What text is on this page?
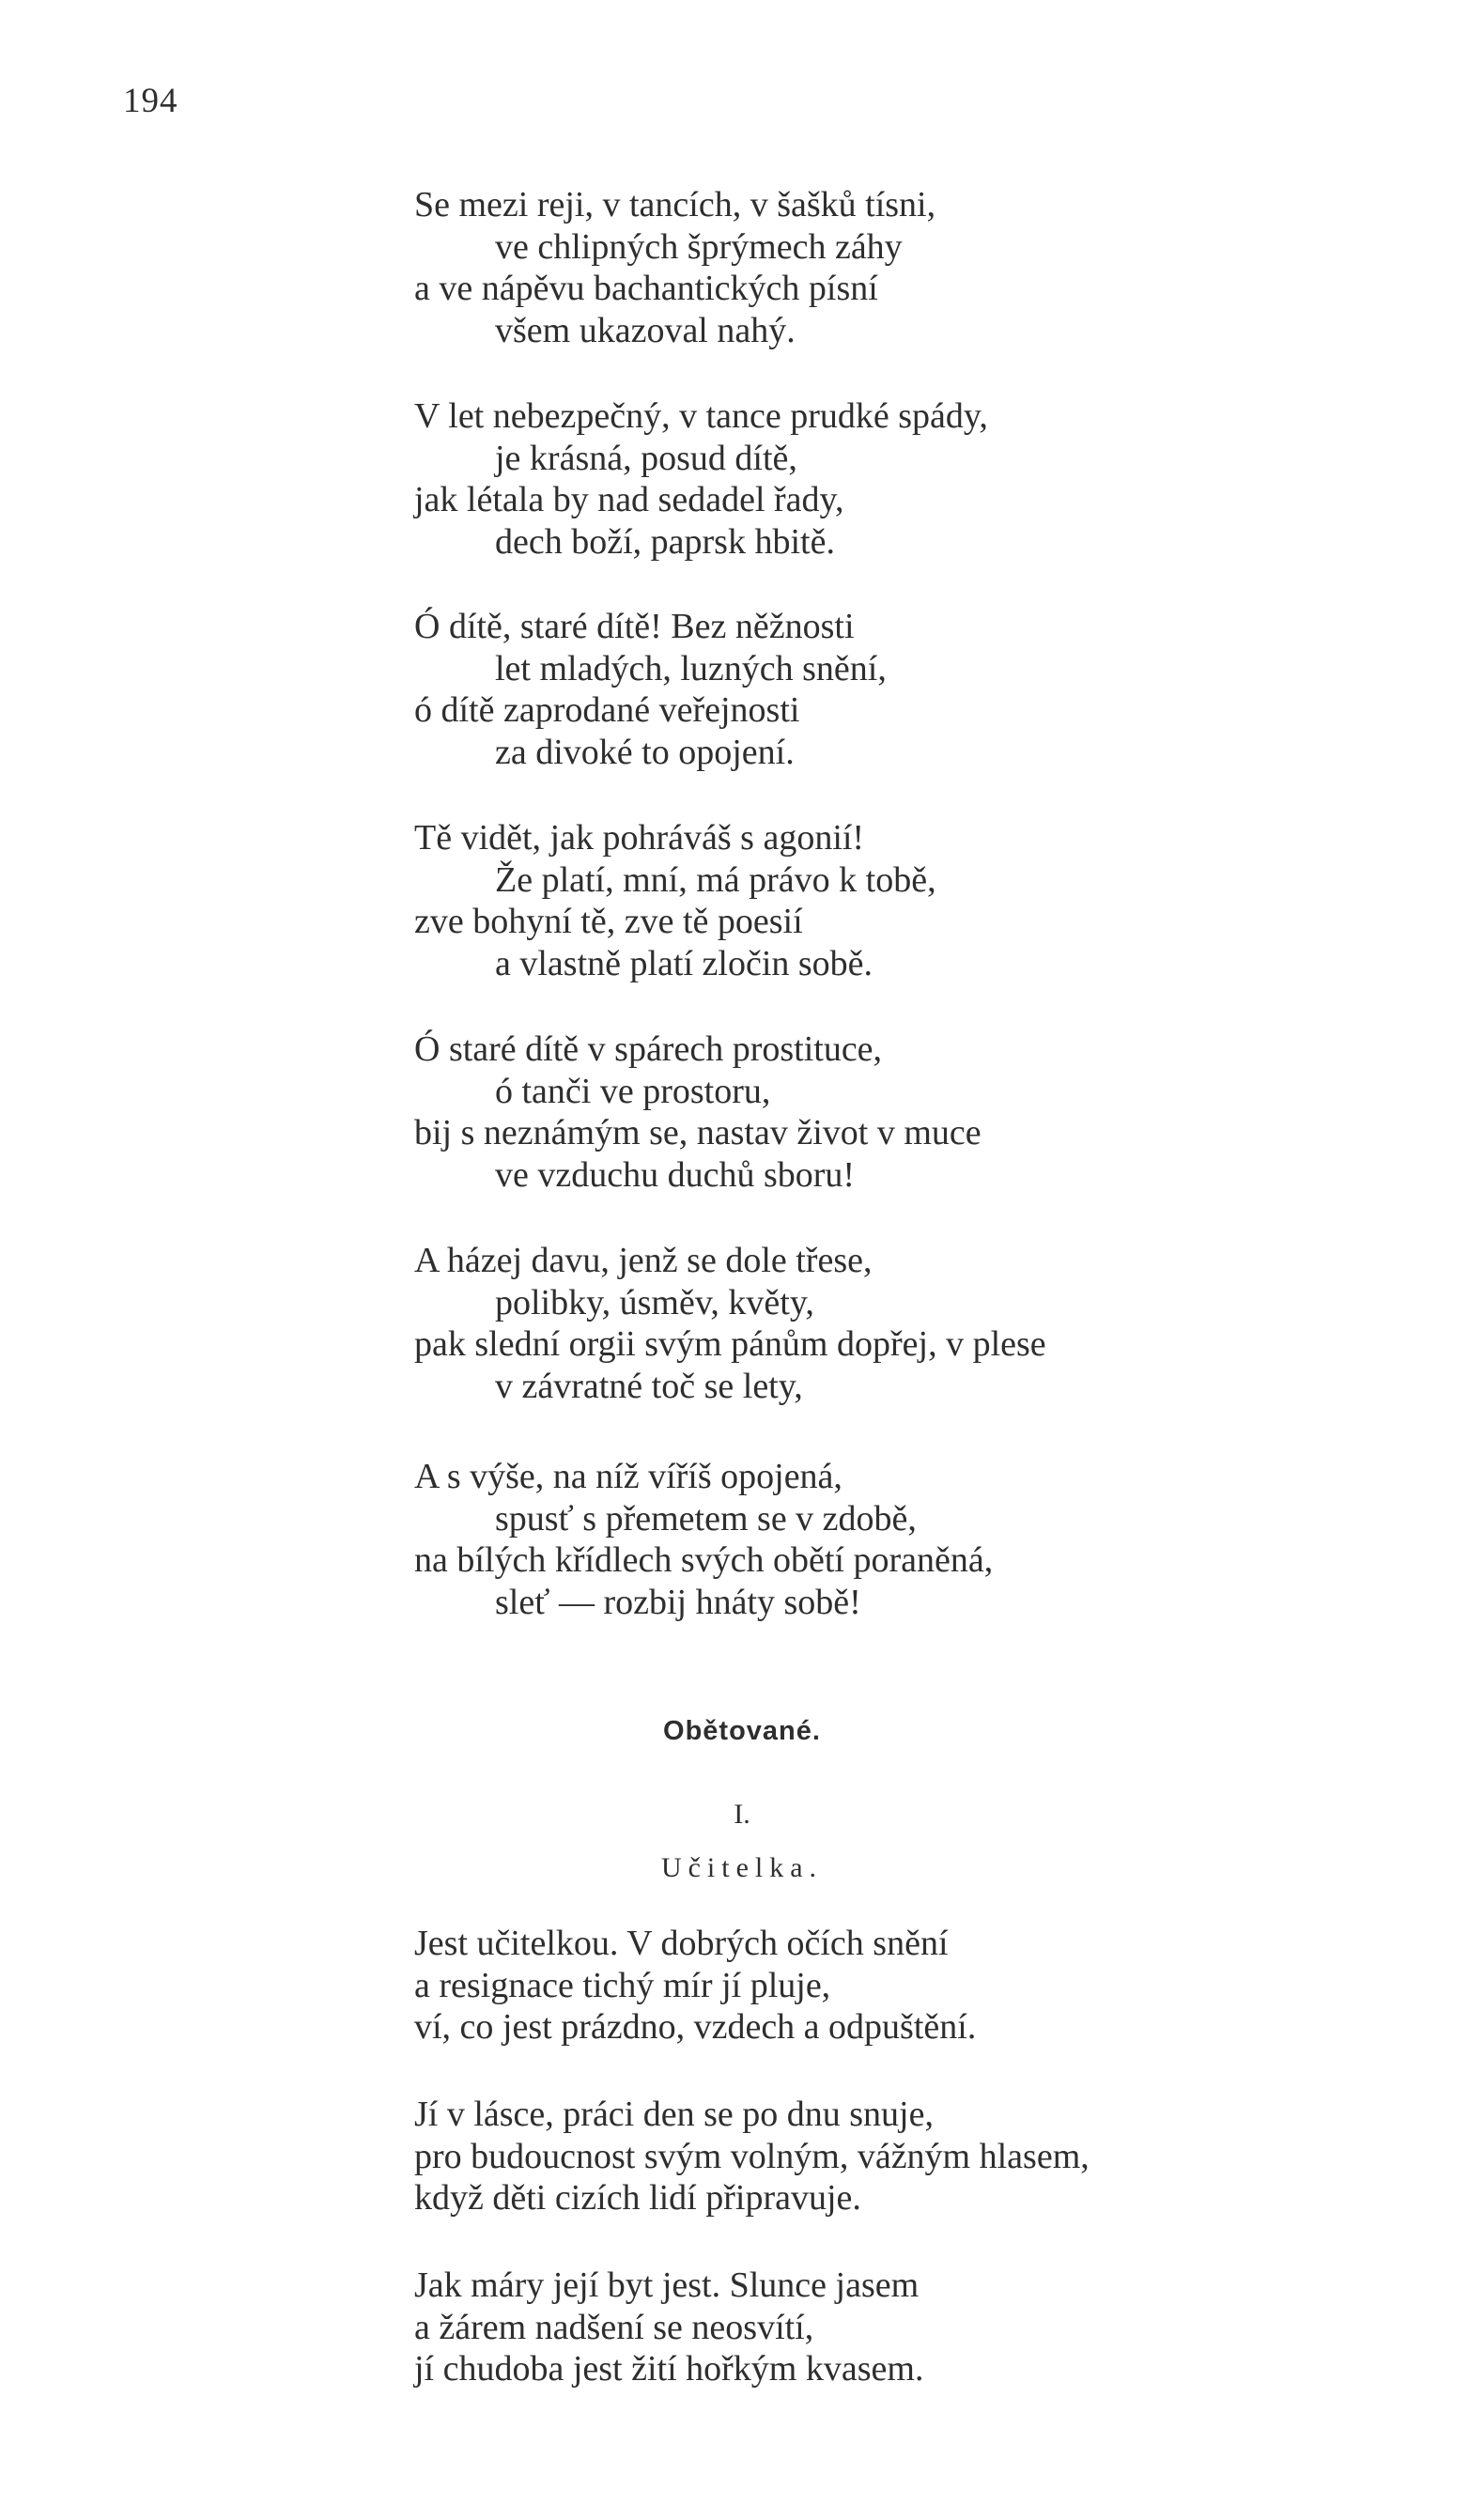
194
Se mezi reji, v tancích, v šašků tísni,
ve chlipných šprýmech záhy
a ve nápěvu bachantických písní
všem ukazoval nahý.
V let nebezpečný, v tance prudké spády,
je krásná, posud dítě,
jak létala by nad sedadel řady,
dech boží, paprsk hbitě.
Ó dítě, staré dítě! Bez něžnosti
let mladých, luzných snění,
ó dítě zaprodané veřejnosti
za divoké to opojení.
Tě vidět, jak pohráváš s agonií!
Že platí, mní, má právo k tobě,
zve bohyní tě, zve tě poesií
a vlastně platí zločin sobě.
Ó staré dítě v spárech prostituce,
ó tanči ve prostoru,
bij s neznámým se, nastav život v muce
ve vzduchu duchů sboru!
A házej davu, jenž se dole třese,
polibky, úsměv, květy,
pak slední orgii svým pánům dopřej, v plese
v závratné toč se lety,
A s výše, na níž víříš opojená,
spusť s přemetem se v zdobě,
na bílých křídlech svých obětí poraněná,
sleť — rozbij hnáty sobě!
Obětované.
I.
Učitelka.
Jest učitelkou. V dobrých očích snění
a resignace tichý mír jí pluje,
ví, co jest prázdno, vzdech a odpuštění.
Jí v lásce, práci den se po dnu snuje,
pro budoucnost svým volným, vážným hlasem,
když děti cizích lidí připravuje.
Jak máry její byt jest. Slunce jasem
a žárem nadšení se neosvítí,
jí chudoba jest žití hořkým kvasem.
